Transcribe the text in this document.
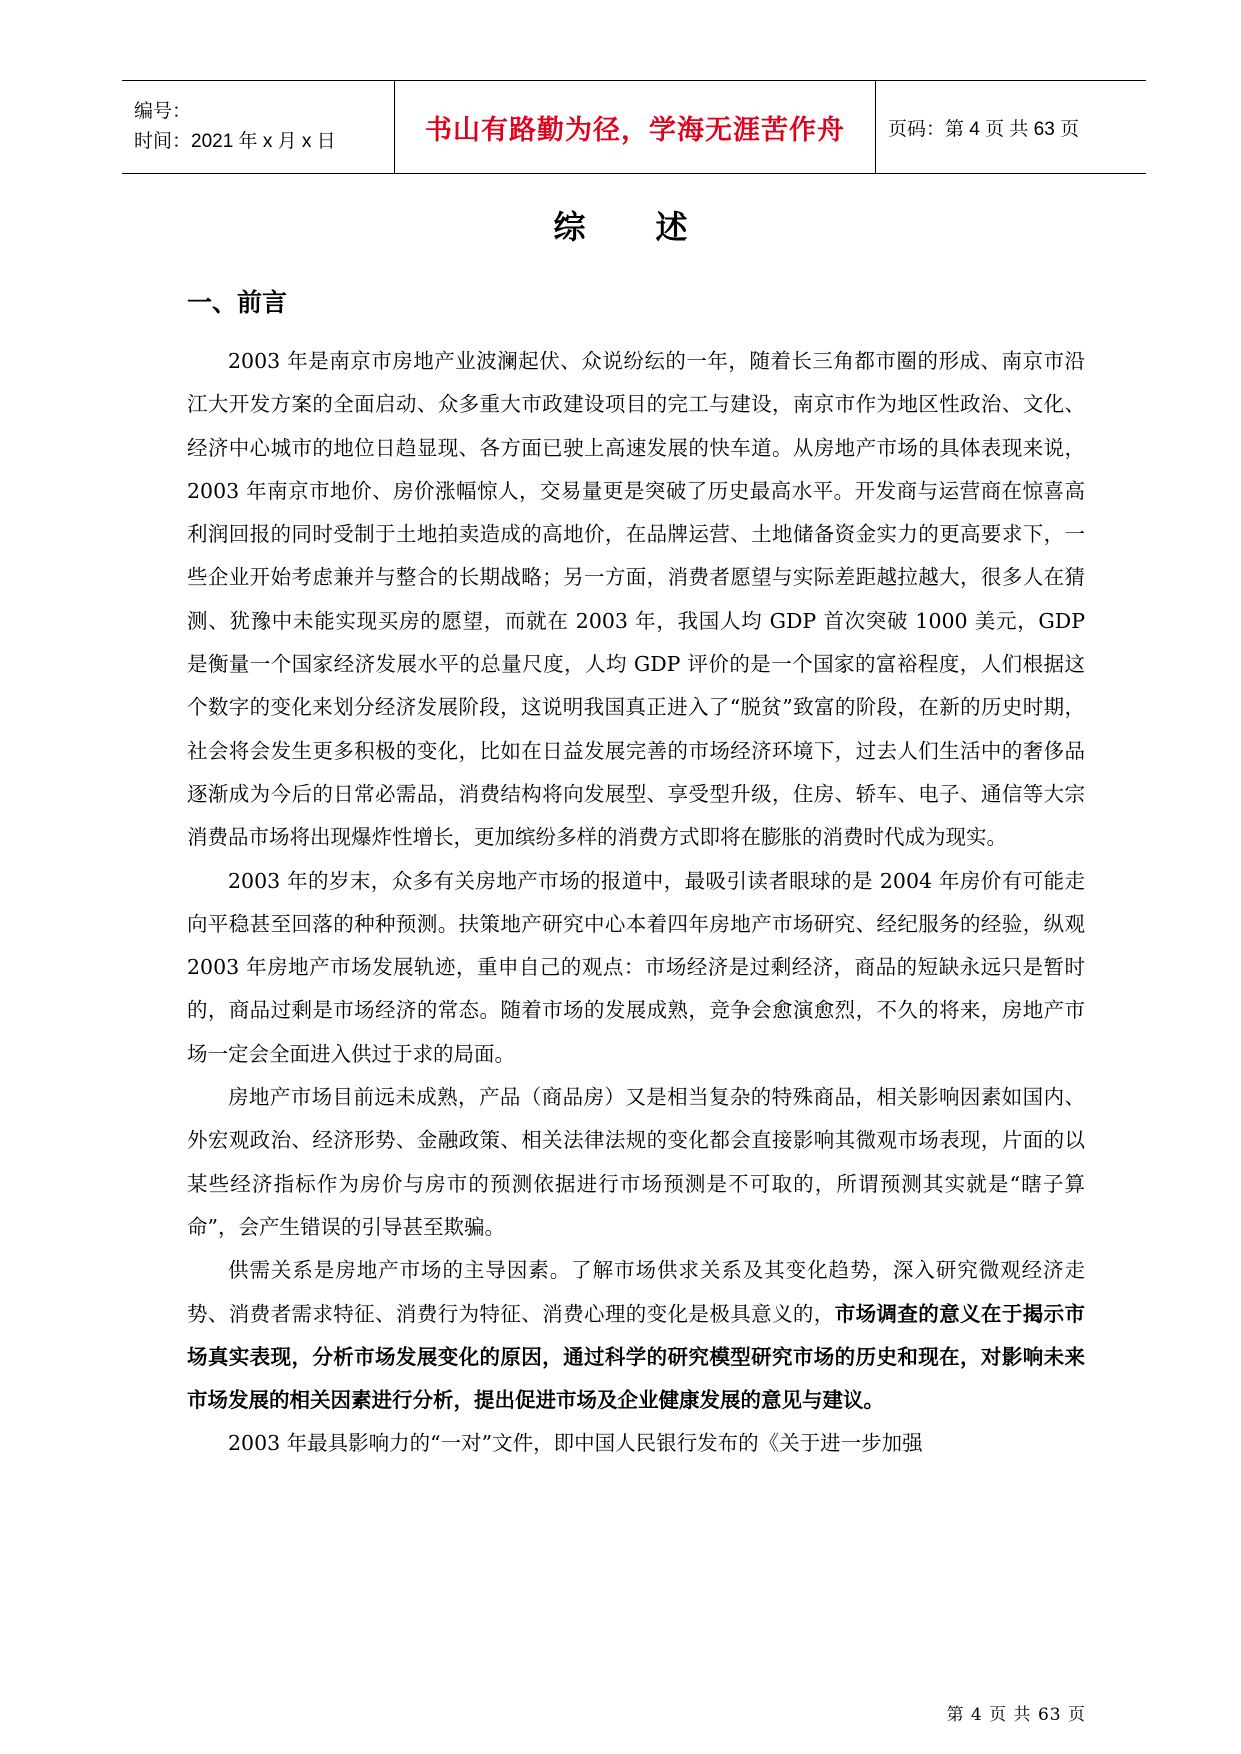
编号：
时间：2021 年 x 月 x 日	书山有路勤为径，学海无涯苦作舟	页码：第 4 页 共 63 页
综述
一、前言

2003 年是南京市房地产业波澜起伏、众说纷纭的一年，随着长三角都市圈的形成、南京市沿江大开发方案的全面启动、众多重大市政建设项目的完工与建设，南京市作为地区性政治、文化、经济中心城市的地位日趋显现、各方面已驶上高速发展的快车道。从房地产市场的具体表现来说，2003 年南京市地价、房价涨幅惊人，交易量更是突破了历史最高水平。开发商与运营商在惊喜高利润回报的同时受制于土地拍卖造成的高地价，在品牌运营、土地储备资金实力的更高要求下，一些企业开始考虑兼并与整合的长期战略；另一方面，消费者愿望与实际差距越拉越大，很多人在猜测、犹豫中未能实现买房的愿望，而就在 2003 年，我国人均 GDP 首次突破 1000 美元，GDP 是衡量一个国家经济发展水平的总量尺度，人均 GDP 评价的是一个国家的富裕程度，人们根据这个数字的变化来划分经济发展阶段，这说明我国真正进入了“脱贫”致富的阶段，在新的历史时期，社会将会发生更多积极的变化，比如在日益发展完善的市场经济环境下，过去人们生活中的奢侈品逐渐成为今后的日常必需品，消费结构将向发展型、享受型升级，住房、轿车、电子、通信等大宗消费品市场将出现爆炸性增长，更加缤纷多样的消费方式即将在膨胀的消费时代成为现实。

2003 年的岁末，众多有关房地产市场的报道中，最吸引读者眼球的是 2004 年房价有可能走向平稳甚至回落的种种预测。扶策地产研究中心本着四年房地产市场研究、经纪服务的经验，纵观 2003 年房地产市场发展轨迹，重申自己的观点：市场经济是过剩经济，商品的短缺永远只是暂时的，商品过剩是市场经济的常态。随着市场的发展成熟，竞争会愈演愈烈，不久的将来，房地产市场一定会全面进入供过于求的局面。

房地产市场目前远未成熟，产品（商品房）又是相当复杂的特殊商品，相关影响因素如国内、外宏观政治、经济形势、金融政策、相关法律法规的变化都会直接影响其微观市场表现，片面的以某些经济指标作为房价与房市的预测依据进行市场预测是不可取的，所谓预测其实就是“瞎子算命”，会产生错误的引导甚至欺骗。

供需关系是房地产市场的主导因素。了解市场供求关系及其变化趋势，深入研究微观经济走势、消费者需求特征、消费行为特征、消费心理的变化是极具意义的，市场调查的意义在于揭示市场真实表现，分析市场发展变化的原因，通过科学的研究模型研究市场的历史和现在，对影响未来市场发展的相关因素进行分析，提出促进市场及企业健康发展的意见与建议。

2003 年最具影响力的“一对”文件，即中国人民银行发布的《关于进一步加强

第 4 页 共 63 页
